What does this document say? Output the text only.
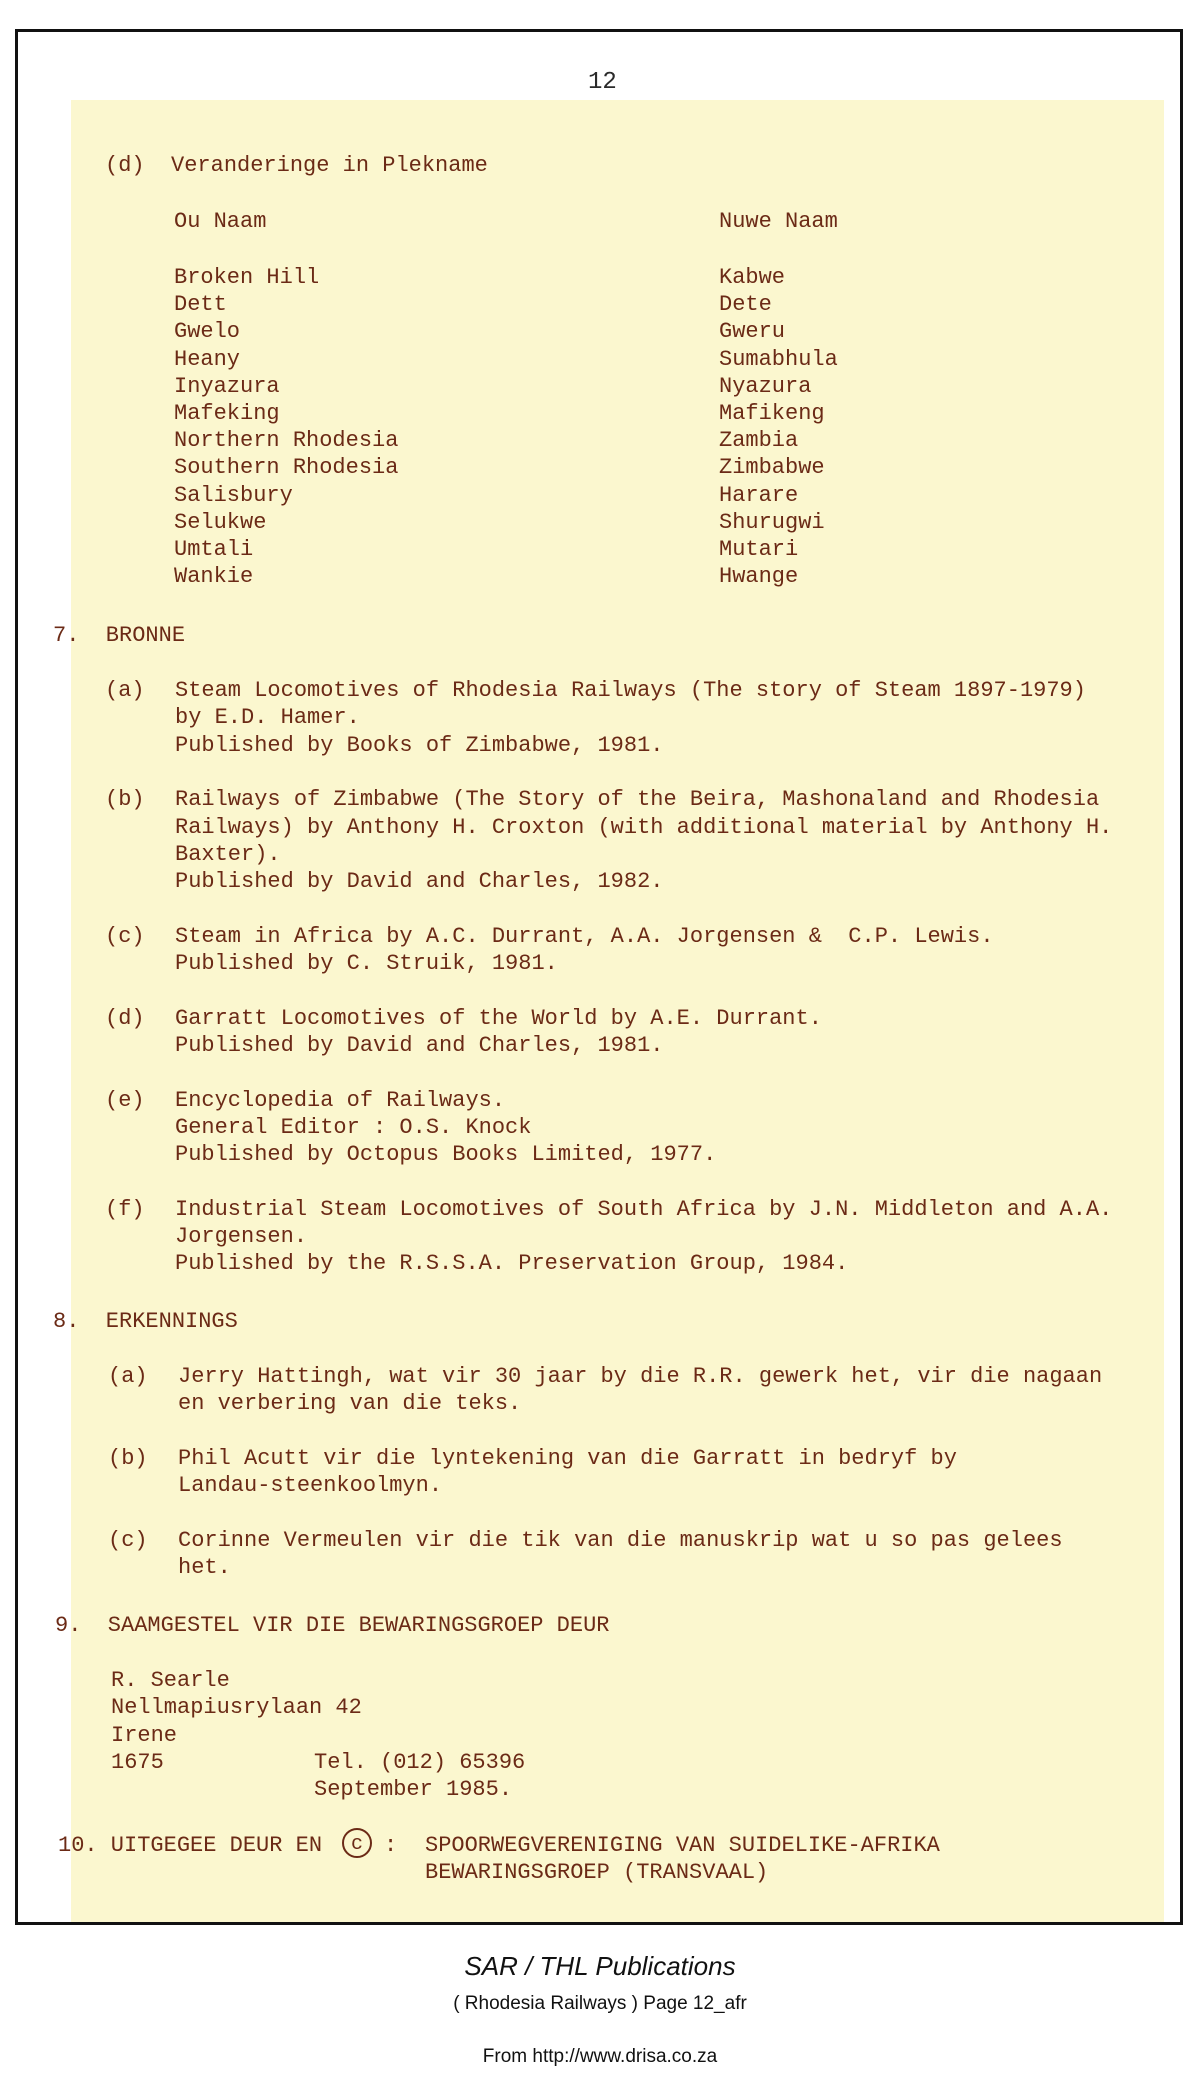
12
(d)  Veranderinge in Plekname
Ou Naam	Nuwe Naam
Broken Hill	Kabwe
Dett	Dete
Gwelo	Gweru
Heany	Sumabhula
Inyazura	Nyazura
Mafeking	Mafikeng
Northern Rhodesia	Zambia
Southern Rhodesia	Zimbabwe
Salisbury	Harare
Selukwe	Shurugwi
Umtali	Mutari
Wankie	Hwange
7.  BRONNE
(a) Steam Locomotives of Rhodesia Railways (The story of Steam 1897-1979)
by E.D. Hamer.
Published by Books of Zimbabwe, 1981.
(b) Railways of Zimbabwe (The Story of the Beira, Mashonaland and Rhodesia
Railways) by Anthony H. Croxton (with additional material by Anthony H.
Baxter).
Published by David and Charles, 1982.
(c) Steam in Africa by A.C. Durrant, A.A. Jorgensen &  C.P. Lewis.
Published by C. Struik, 1981.
(d) Garratt Locomotives of the World by A.E. Durrant.
Published by David and Charles, 1981.
(e) Encyclopedia of Railways.
General Editor : O.S. Knock
Published by Octopus Books Limited, 1977.
(f) Industrial Steam Locomotives of South Africa by J.N. Middleton and A.A.
Jorgensen.
Published by the R.S.S.A. Preservation Group, 1984.
8.  ERKENNINGS
(a) Jerry Hattingh, wat vir 30 jaar by die R.R. gewerk het, vir die nagaan
en verbering van die teks.
(b) Phil Acutt vir die lyntekening van die Garratt in bedryf by
Landau-steenkoolmyn.
(c) Corinne Vermeulen vir die tik van die manuskrip wat u so pas gelees
het.
9.  SAAMGESTEL VIR DIE BEWARINGSGROEP DEUR
R. Searle
Nellmapiusrylaan 42
Irene
1675	Tel. (012) 65396
September 1985.
10. UITGEGEE DEUR EN	c : SPOORWEGVERENIGING VAN SUIDELIKE-AFRIKA
BEWARINGSGROEP (TRANSVAAL)
SAR / THL Publications
( Rhodesia Railways ) Page 12_afr
From http://www.drisa.co.za
